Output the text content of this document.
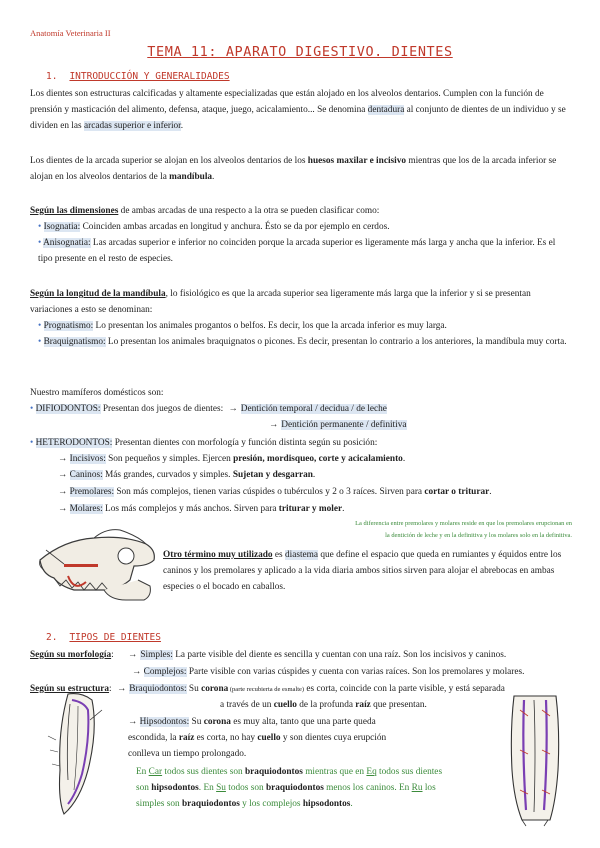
Anatomía Veterinaria II
TEMA 11: APARATO DIGESTIVO. DIENTES
1. INTRODUCCIÓN Y GENERALIDADES
Los dientes son estructuras calcificadas y altamente especializadas que están alojado en los alveolos dentarios. Cumplen con la función de prensión y masticación del alimento, defensa, ataque, juego, acicalamiento... Se denomina dentadura al conjunto de dientes de un individuo y se dividen en las arcadas superior e inferior.
Los dientes de la arcada superior se alojan en los alveolos dentarios de los huesos maxilar e incisivo mientras que los de la arcada inferior se alojan en los alveolos dentarios de la mandíbula.
Según las dimensiones de ambas arcadas de una respecto a la otra se pueden clasificar como:
• Isognatia: Coinciden ambas arcadas en longitud y anchura. Ésto se da por ejemplo en cerdos.
• Anisognatia: Las arcadas superior e inferior no coinciden porque la arcada superior es ligeramente más larga y ancha que la inferior. Es el tipo presente en el resto de especies.
Según la longitud de la mandíbula, lo fisiológico es que la arcada superior sea ligeramente más larga que la inferior y si se presentan variaciones a esto se denominan:
• Prognatismo: Lo presentan los animales progantos o belfos. Es decir, los que la arcada inferior es muy larga.
• Braquignatismo: Lo presentan los animales braquignatos o picones. Es decir, presentan lo contrario a los anteriores, la mandíbula muy corta.
Nuestro mamíferos domésticos son:
• DIFIODONTOS: Presentan dos juegos de dientes: → Dentición temporal / decidua / de leche
→ Dentición permanente / definitiva
• HETERODONTOS: Presentan dientes con morfología y función distinta según su posición:
→ Incisivos: Son pequeños y simples. Ejercen presión, mordisqueo, corte y acicalamiento.
→ Caninos: Más grandes, curvados y simples. Sujetan y desgarran.
→ Premolares: Son más complejos, tienen varias cúspides o tubérculos y 2 o 3 raíces. Sirven para cortar o triturar.
→ Molares: Los más complejos y más anchos. Sirven para triturar y moler.
La diferencia entre premolares y molares reside en que los premolares erupcionan en
la dentición de leche y en la definitiva y los molares solo en la definitiva.
Otro término muy utilizado es diastema que define el espacio que queda en rumiantes y équidos entre los caninos y los premolares y aplicado a la vida diaria ambos sitios sirven para alojar el abrebocas en ambas especies o el bocado en caballos.
2. TIPOS DE DIENTES
Según su morfología: → Simples: La parte visible del diente es sencilla y cuentan con una raíz. Son los incisivos y caninos.
→ Complejos: Parte visible con varias cúspides y cuenta con varias raíces. Son los premolares y molares.
Según su estructura: → Braquiodontos: Su corona (parte recubierta de esmalte) es corta, coincide con la parte visible, y está separada
a través de un cuello de la profunda raíz que presentan.
→ Hipsodontos: Su corona es muy alta, tanto que una parte queda
escondida, la raíz es corta, no hay cuello y son dientes cuya erupción
conlleva un tiempo prolongado.
En Car todos sus dientes son braquiodontos mientras que en Eq todos sus dientes
son hipsodontos. En Su todos son braquiodontos menos los caninos. En Ru los
simples son braquiodontos y los complejos hipsodontos.
